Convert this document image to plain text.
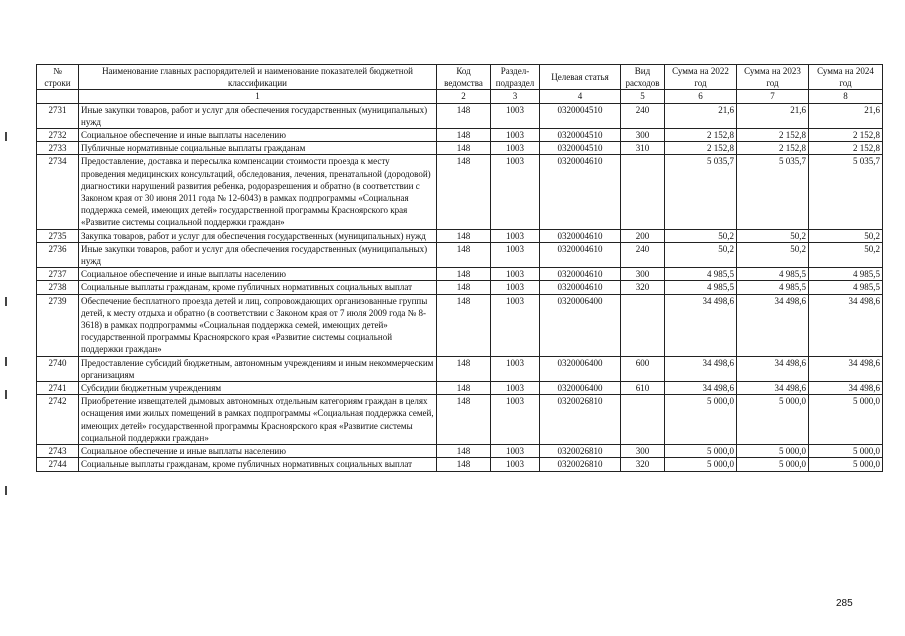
№ строки	Наименование главных распорядителей и наименование показателей бюджетной классификации	Код ведомства	Раздел-подраздел	Целевая статья	Вид расходов	Сумма на 2022 год	Сумма на 2023 год	Сумма на 2024 год
	1	2	3	4	5	6	7	8
2731	Иные закупки товаров, работ и услуг для обеспечения государственных (муниципальных) нужд	148	1003	0320004510	240	21,6	21,6	21,6
2732	Социальное обеспечение и иные выплаты населению	148	1003	0320004510	300	2 152,8	2 152,8	2 152,8
2733	Публичные нормативные социальные выплаты гражданам	148	1003	0320004510	310	2 152,8	2 152,8	2 152,8
2734	Предоставление, доставка и пересылка компенсации стоимости проезда к месту проведения медицинских консультаций, обследования, лечения, пренатальной (дородовой) диагностики нарушений развития ребенка, родоразрешения и обратно (в соответствии с Законом края от 30 июня 2011 года № 12-6043) в рамках подпрограммы «Социальная поддержка семей, имеющих детей» государственной программы Красноярского края «Развитие системы социальной поддержки граждан»	148	1003	0320004610		5 035,7	5 035,7	5 035,7
2735	Закупка товаров, работ и услуг для обеспечения государственных (муниципальных) нужд	148	1003	0320004610	200	50,2	50,2	50,2
2736	Иные закупки товаров, работ и услуг для обеспечения государственных (муниципальных) нужд	148	1003	0320004610	240	50,2	50,2	50,2
2737	Социальное обеспечение и иные выплаты населению	148	1003	0320004610	300	4 985,5	4 985,5	4 985,5
2738	Социальные выплаты гражданам, кроме публичных нормативных социальных выплат	148	1003	0320004610	320	4 985,5	4 985,5	4 985,5
2739	Обеспечение бесплатного проезда детей и лиц, сопровождающих организованные группы детей, к месту отдыха и обратно (в соответствии с Законом края от 7 июля 2009 года № 8-3618) в рамках подпрограммы «Социальная поддержка семей, имеющих детей» государственной программы Красноярского края «Развитие системы социальной поддержки граждан»	148	1003	0320006400		34 498,6	34 498,6	34 498,6
2740	Предоставление субсидий бюджетным, автономным учреждениям и иным некоммерческим организациям	148	1003	0320006400	600	34 498,6	34 498,6	34 498,6
2741	Субсидии бюджетным учреждениям	148	1003	0320006400	610	34 498,6	34 498,6	34 498,6
2742	Приобретение извещателей дымовых автономных отдельным категориям граждан в целях оснащения ими жилых помещений в рамках подпрограммы «Социальная поддержка семей, имеющих детей» государственной программы Красноярского края «Развитие системы социальной поддержки граждан»	148	1003	0320026810		5 000,0	5 000,0	5 000,0
2743	Социальное обеспечение и иные выплаты населению	148	1003	0320026810	300	5 000,0	5 000,0	5 000,0
2744	Социальные выплаты гражданам, кроме публичных нормативных социальных выплат	148	1003	0320026810	320	5 000,0	5 000,0	5 000,0
285
